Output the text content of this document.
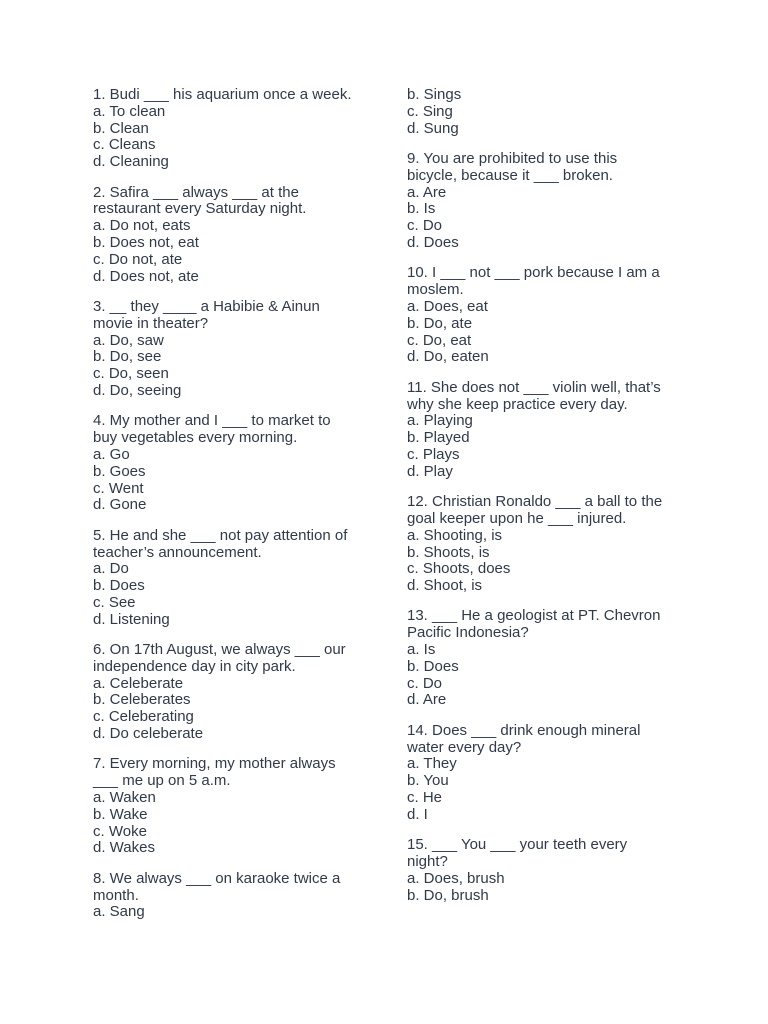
1. Budi ___ his aquarium once a week.
a. To clean
b. Clean
c. Cleans
d. Cleaning
2. Safira ___ always ___ at the
restaurant every Saturday night.
a. Do not, eats
b. Does not, eat
c. Do not, ate
d. Does not, ate
3. __ they ____ a Habibie & Ainun
movie in theater?
a. Do, saw
b. Do, see
c. Do, seen
d. Do, seeing
4. My mother and I ___ to market to
buy vegetables every morning.
a. Go
b. Goes
c. Went
d. Gone
5. He and she ___ not pay attention of
teacher’s announcement.
a. Do
b. Does
c. See
d. Listening
6. On 17th August, we always ___ our
independence day in city park.
a. Celeberate
b. Celeberates
c. Celeberating
d. Do celeberate
7. Every morning, my mother always
___ me up on 5 a.m.
a. Waken
b. Wake
c. Woke
d. Wakes
8. We always ___ on karaoke twice a
month.
a. Sang
b. Sings
c. Sing
d. Sung
9. You are prohibited to use this
bicycle, because it ___ broken.
a. Are
b. Is
c. Do
d. Does
10. I ___ not ___ pork because I am a
moslem.
a. Does, eat
b. Do, ate
c. Do, eat
d. Do, eaten
11. She does not ___ violin well, that’s
why she keep practice every day.
a. Playing
b. Played
c. Plays
d. Play
12. Christian Ronaldo ___ a ball to the
goal keeper upon he ___ injured.
a. Shooting, is
b. Shoots, is
c. Shoots, does
d. Shoot, is
13. ___ He a geologist at PT. Chevron
Pacific Indonesia?
a. Is
b. Does
c. Do
d. Are
14. Does ___ drink enough mineral
water every day?
a. They
b. You
c. He
d. I
15. ___ You ___ your teeth every
night?
a. Does, brush
b. Do, brush
